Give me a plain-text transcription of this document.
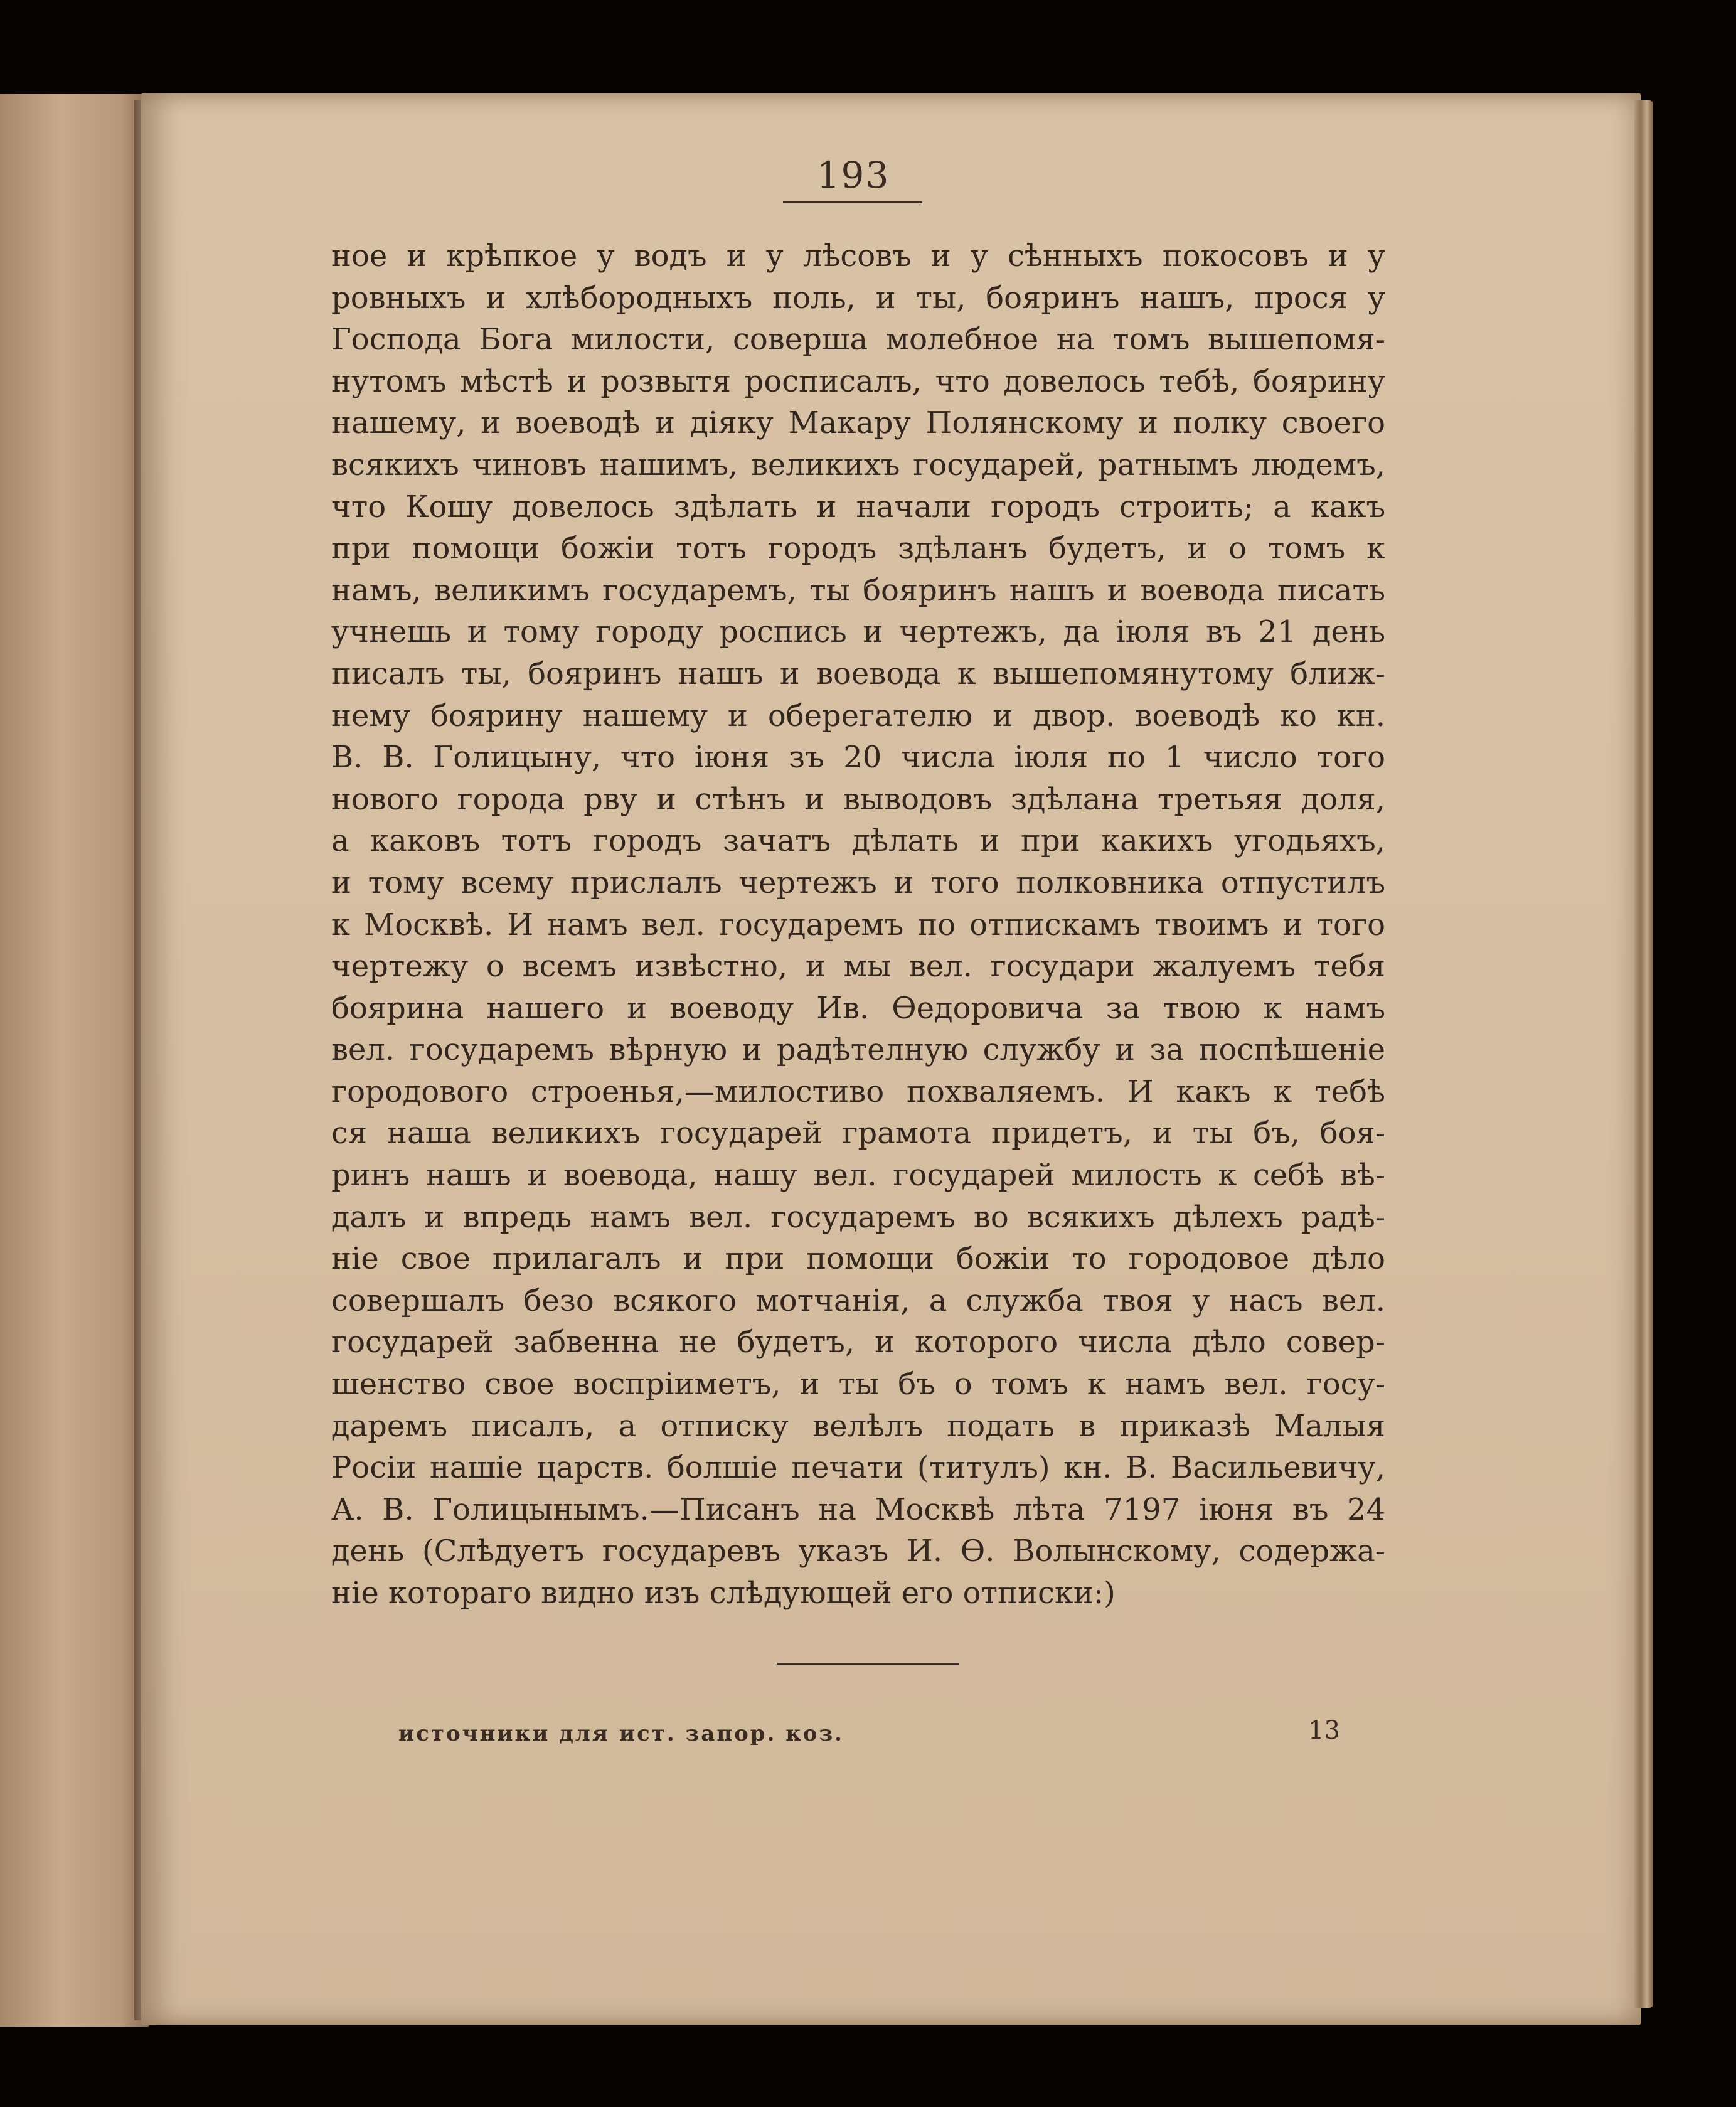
193
ное и крѣпкое у водъ и у лѣсовъ и у сѣнныхъ покосовъ и у
ровныхъ и хлѣбородныхъ поль, и ты, бояринъ нашъ, прося у
Господа Бога милости, соверша молебное на томъ вышепомя-
нутомъ мѣстѣ и розвытя росписалъ, что довелось тебѣ, боярину
нашему, и воеводѣ и дiяку Макару Полянскому и полку своего
всякихъ чиновъ нашимъ, великихъ государей, ратнымъ людемъ,
что Кошу довелось здѣлать и начали городъ строить; а какъ
при помощи божiи тотъ городъ здѣланъ будетъ, и о томъ к
намъ, великимъ государемъ, ты бояринъ нашъ и воевода писать
учнешь и тому городу роспись и чертежъ, да iюля въ 21 день
писалъ ты, бояринъ нашъ и воевода к вышепомянутому ближ-
нему боярину нашему и оберегателю и двор. воеводѣ ко кн.
В. В. Голицыну, что iюня зъ 20 числа iюля по 1 число того
нового города рву и стѣнъ и выводовъ здѣлана третьяя доля,
а каковъ тотъ городъ зачатъ дѣлать и при какихъ угодьяхъ,
и тому всему прислалъ чертежъ и того полковника отпустилъ
к Москвѣ. И намъ вел. государемъ по отпискамъ твоимъ и того
чертежу о всемъ извѣстно, и мы вел. государи жалуемъ тебя
боярина нашего и воеводу Ив. Өедоровича за твою к намъ
вел. государемъ вѣрную и радѣтелную службу и за поспѣшенiе
городового строенья,—милостиво похваляемъ. И какъ к тебѣ
ся наша великихъ государей грамота придетъ, и ты бъ, боя-
ринъ нашъ и воевода, нашу вел. государей милость к себѣ вѣ-
далъ и впредь намъ вел. государемъ во всякихъ дѣлехъ радѣ-
нiе свое прилагалъ и при помощи божiи то городовое дѣло
совершалъ безо всякого мотчанiя, а служба твоя у насъ вел.
государей забвенна не будетъ, и которого числа дѣло совер-
шенство свое воспрiиметъ, и ты бъ о томъ к намъ вел. госу-
даремъ писалъ, а отписку велѣлъ подать в приказѣ Малыя
Росiи нашiе царств. болшiе печати (титулъ) кн. В. Васильевичу,
А. В. Голицынымъ.—Писанъ на Москвѣ лѣта 7197 iюня въ 24
день (Слѣдуетъ государевъ указъ И. Ө. Волынскому, содержа-
нiе котораго видно изъ слѣдующей его отписки:)
источники для ист. запор. коз.	13
